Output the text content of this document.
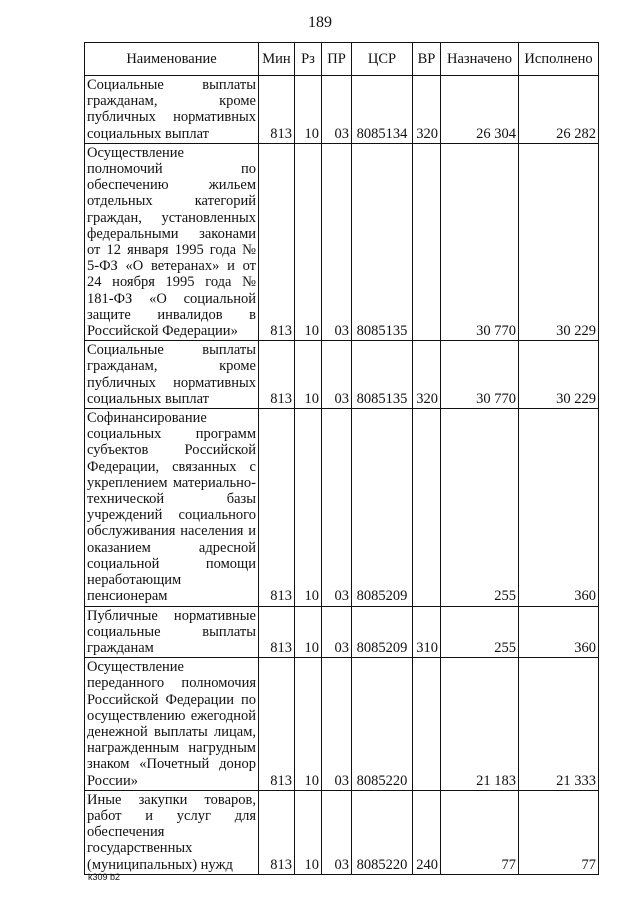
189
Наименование	Мин	Рз	ПР	ЦСР	ВР	Назначено	Исполнено
Социальные выплаты гражданам, кроме публичных нормативных социальных выплат	813	10	03	8085134	320	26 304	26 282
Осуществление полномочий по обеспечению жильем отдельных категорий граждан, установленных федеральными законами от 12 января 1995 года № 5-ФЗ «О ветеранах» и от 24 ноября 1995 года № 181-ФЗ «О социальной защите инвалидов в Российской Федерации»	813	10	03	8085135		30 770	30 229
Социальные выплаты гражданам, кроме публичных нормативных социальных выплат	813	10	03	8085135	320	30 770	30 229
Софинансирование социальных программ субъектов Российской Федерации, связанных с укреплением материально-технической базы учреждений социального обслуживания населения и оказанием адресной социальной помощи неработающим пенсионерам	813	10	03	8085209		255	360
Публичные нормативные социальные выплаты гражданам	813	10	03	8085209	310	255	360
Осуществление переданного полномочия Российской Федерации по осуществлению ежегодной денежной выплаты лицам, награжденным нагрудным знаком «Почетный донор России»	813	10	03	8085220		21 183	21 333
Иные закупки товаров, работ и услуг для обеспечения государственных (муниципальных) нужд	813	10	03	8085220	240	77	77
k309 b2
